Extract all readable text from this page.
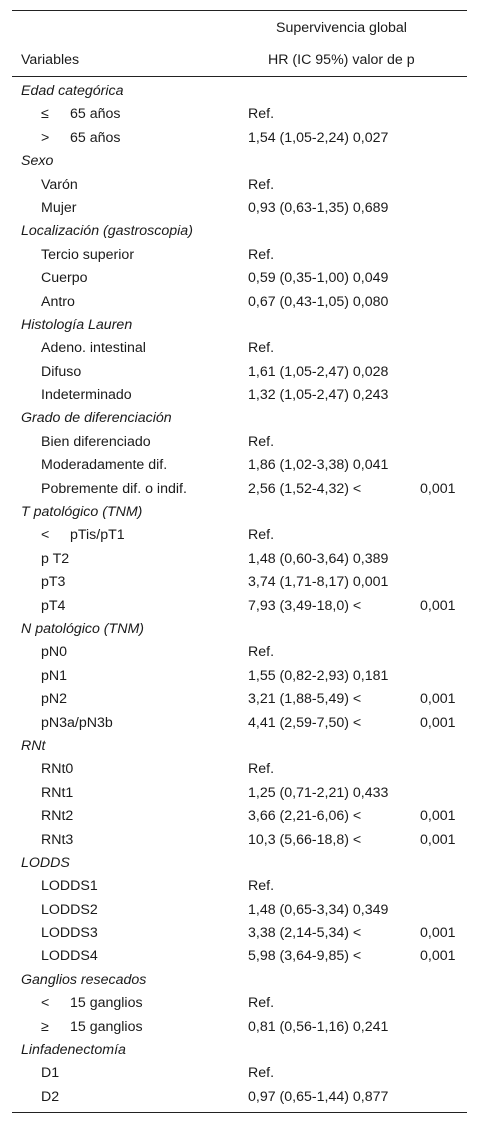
Supervivencia global
Variables	HR (IC 95%) valor de p
Edad categórica
≤ 65 años	Ref.
> 65 años	1,54 (1,05-2,24) 0,027
Sexo
Varón	Ref.
Mujer	0,93 (0,63-1,35) 0,689
Localización (gastroscopia)
Tercio superior	Ref.
Cuerpo	0,59 (0,35-1,00) 0,049
Antro	0,67 (0,43-1,05) 0,080
Histología Lauren
Adeno. intestinal	Ref.
Difuso	1,61 (1,05-2,47) 0,028
Indeterminado	1,32 (1,05-2,47) 0,243
Grado de diferenciación
Bien diferenciado	Ref.
Moderadamente dif.	1,86 (1,02-3,38) 0,041
Pobremente dif. o indif.	2,56 (1,52-4,32) <	0,001
T patológico (TNM)
< pTis/pT1	Ref.
p T2	1,48 (0,60-3,64) 0,389
pT3	3,74 (1,71-8,17) 0,001
pT4	7,93 (3,49-18,0) <	0,001
N patológico (TNM)
pN0	Ref.
pN1	1,55 (0,82-2,93) 0,181
pN2	3,21 (1,88-5,49) <	0,001
pN3a/pN3b	4,41 (2,59-7,50) <	0,001
RNt
RNt0	Ref.
RNt1	1,25 (0,71-2,21) 0,433
RNt2	3,66 (2,21-6,06) <	0,001
RNt3	10,3 (5,66-18,8) <	0,001
LODDS
LODDS1	Ref.
LODDS2	1,48 (0,65-3,34) 0,349
LODDS3	3,38 (2,14-5,34) <	0,001
LODDS4	5,98 (3,64-9,85) <	0,001
Ganglios resecados
< 15 ganglios	Ref.
≥ 15 ganglios	0,81 (0,56-1,16) 0,241
Linfadenectomía
D1	Ref.
D2	0,97 (0,65-1,44) 0,877
